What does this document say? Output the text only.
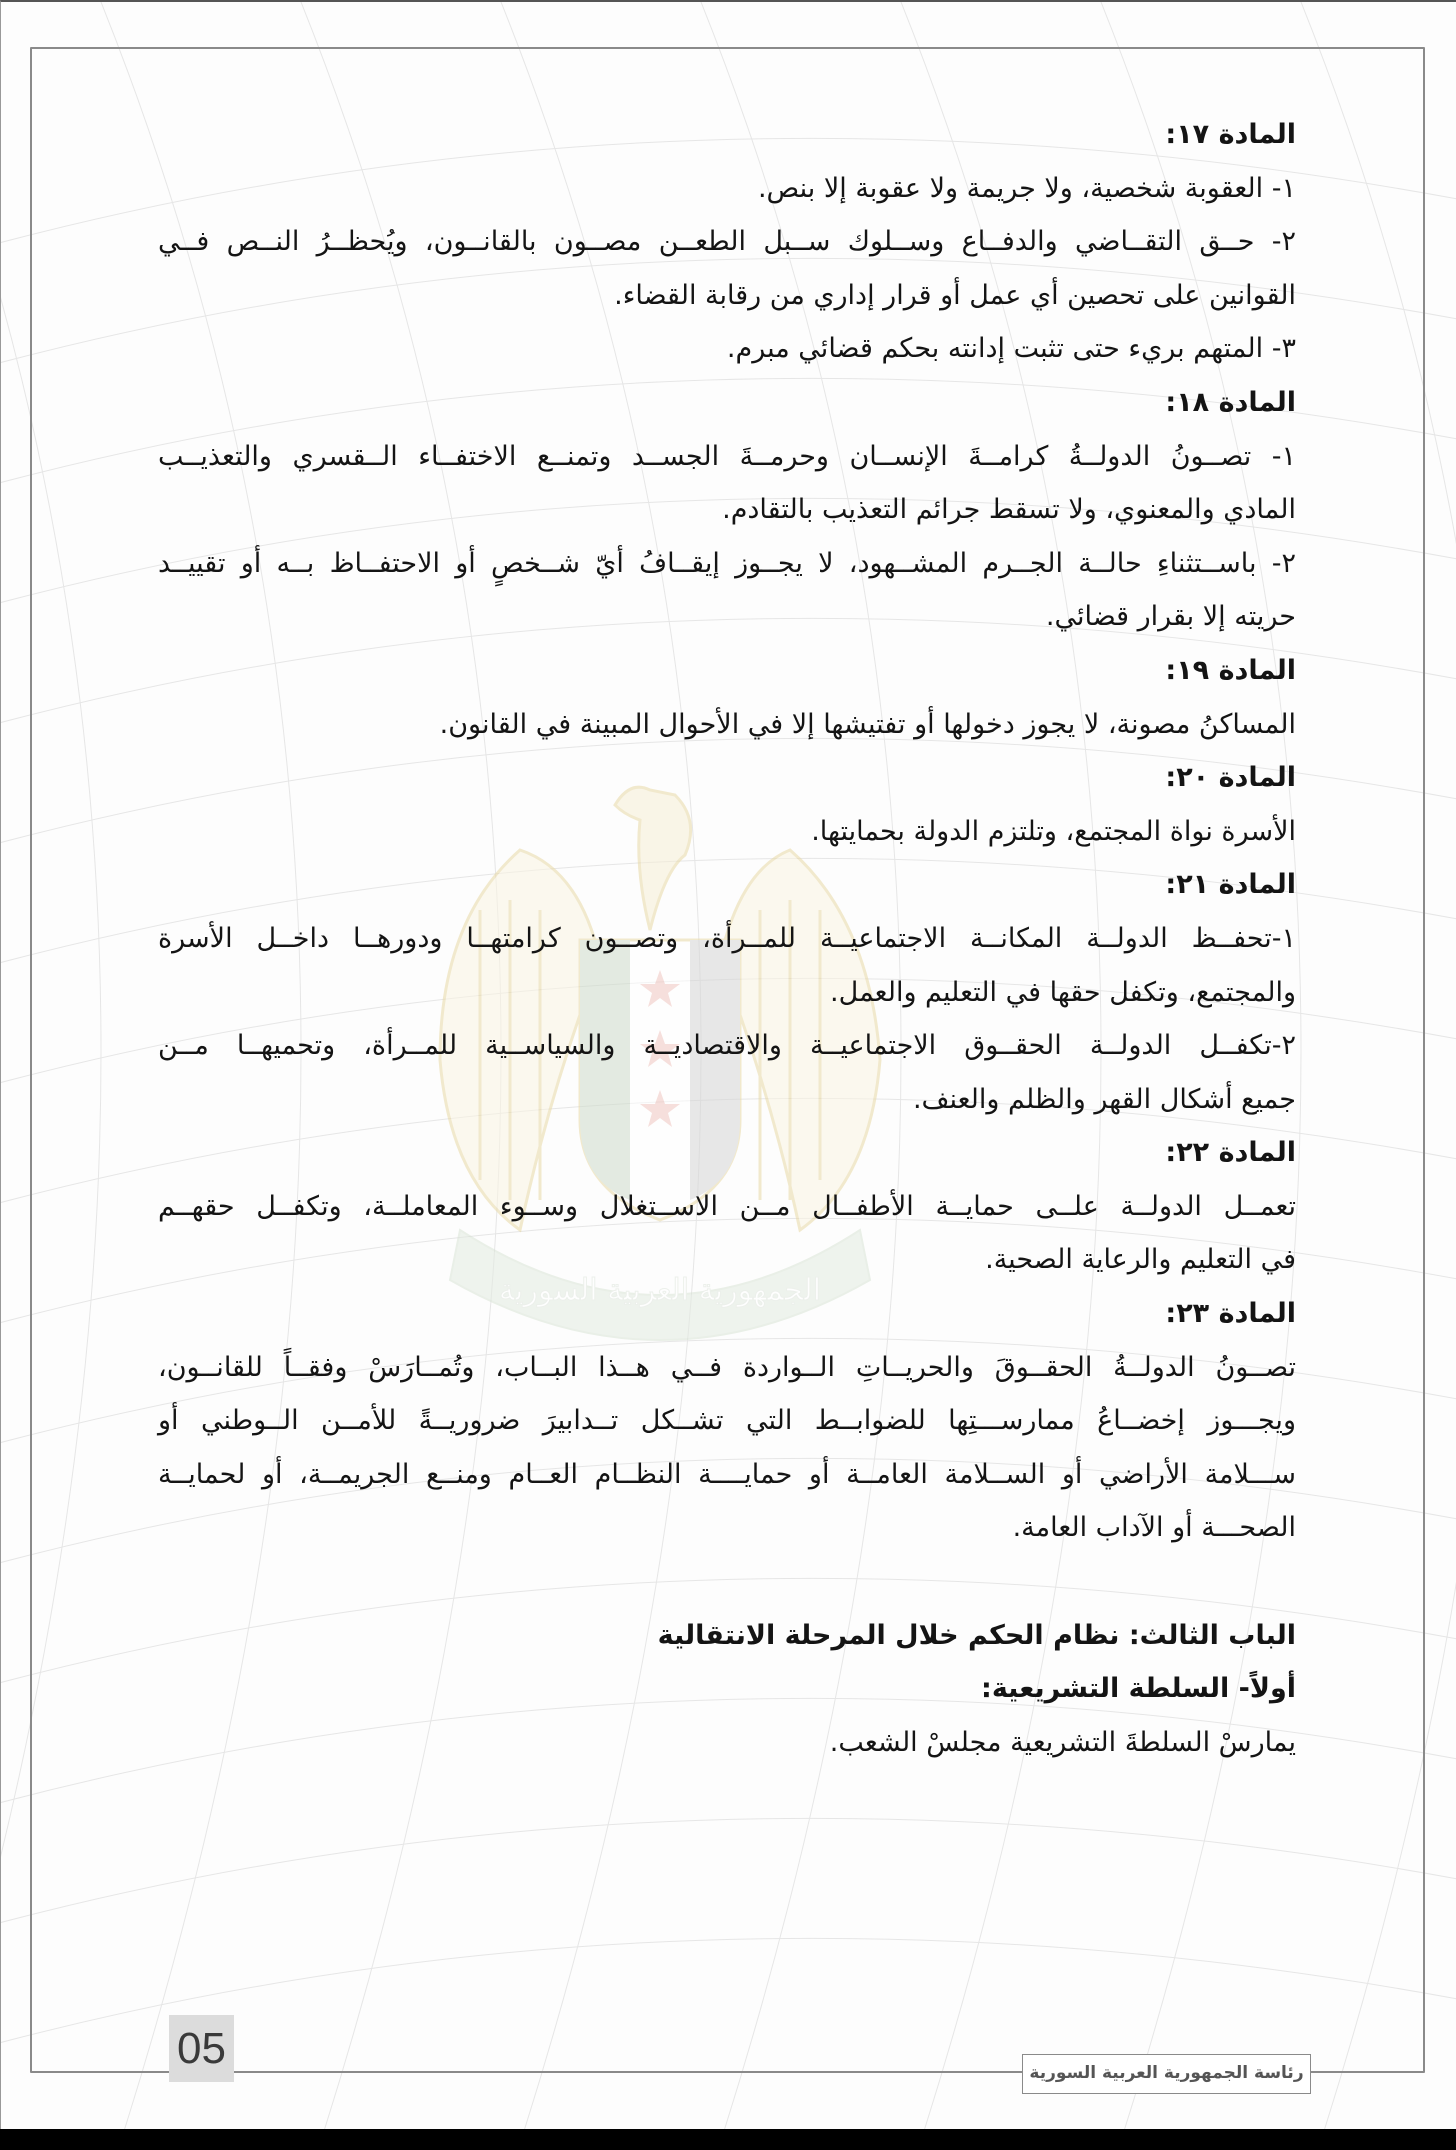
الجمهورية العربية السورية
المادة ١٧:
١- العقوبة شخصية، ولا جريمة ولا عقوبة إلا بنص.
٢- حــق التقــاضي والدفــاع وســلوك ســبل الطعــن مصــون بالقانــون، ويُحظــرُ النــص فــي
القوانين على تحصين أي عمل أو قرار إداري من رقابة القضاء.
٣- المتهم بريء حتى تثبت إدانته بحكم قضائي مبرم.
المادة ١٨:
١- تصــونُ الدولــةُ كرامــةَ الإنســان وحرمــةَ الجســد وتمنــع الاختفــاء الــقسري والتعذيــب
المادي والمعنوي، ولا تسقط جرائم التعذيب بالتقادم.
٢- باســتثناءِ حالــة الجــرم المشــهود، لا يجــوز إيقــافُ أيّ شــخصٍ أو الاحتفــاظ بــه أو تقييــد
حريته إلا بقرار قضائي.
المادة ١٩:
المساكنُ مصونة، لا يجوز دخولها أو تفتيشها إلا في الأحوال المبينة في القانون.
المادة ٢٠:
الأسرة نواة المجتمع، وتلتزم الدولة بحمايتها.
المادة ٢١:
١-تحفــظ الدولــة المكانــة الاجتماعيــة للمــرأة، وتصــون كرامتهــا ودورهــا داخــل الأسرة
والمجتمع، وتكفل حقها في التعليم والعمل.
٢-تكفــل الدولــة الحقــوق الاجتماعيــة والاقتصاديــة والسياســية للمــرأة، وتحميهــا مــن
جميع أشكال القهر والظلم والعنف.
المادة ٢٢:
تعمــل الدولــة علــى حمايــة الأطفــال مــن الاســتغلال وســوء المعاملــة، وتكفــل حقهــم
في التعليم والرعاية الصحية.
المادة ٢٣:
تصــونُ الدولــةُ الحقــوقَ والحريــاتِ الــواردة فــي هــذا البــاب، وتُمــارَسْ وفقــاً للقانــون،
ويجـــوز إخضــاعُ ممارســـتِها للضوابــط التي تشــكل تــدابيرَ ضروريــةً للأمــن الــوطني أو
ســـلامة الأراضي أو الســلامة العامــة أو حمايــــة النظــام العــام ومنــع الجريمــة، أو لحمايــة
الصحـــة أو الآداب العامة.
الباب الثالث: نظام الحكم خلال المرحلة الانتقالية
أولاً- السلطة التشريعية:
يمارسْ السلطةَ التشريعية مجلسْ الشعب.
05	رئاسة الجمهورية العربية السورية
